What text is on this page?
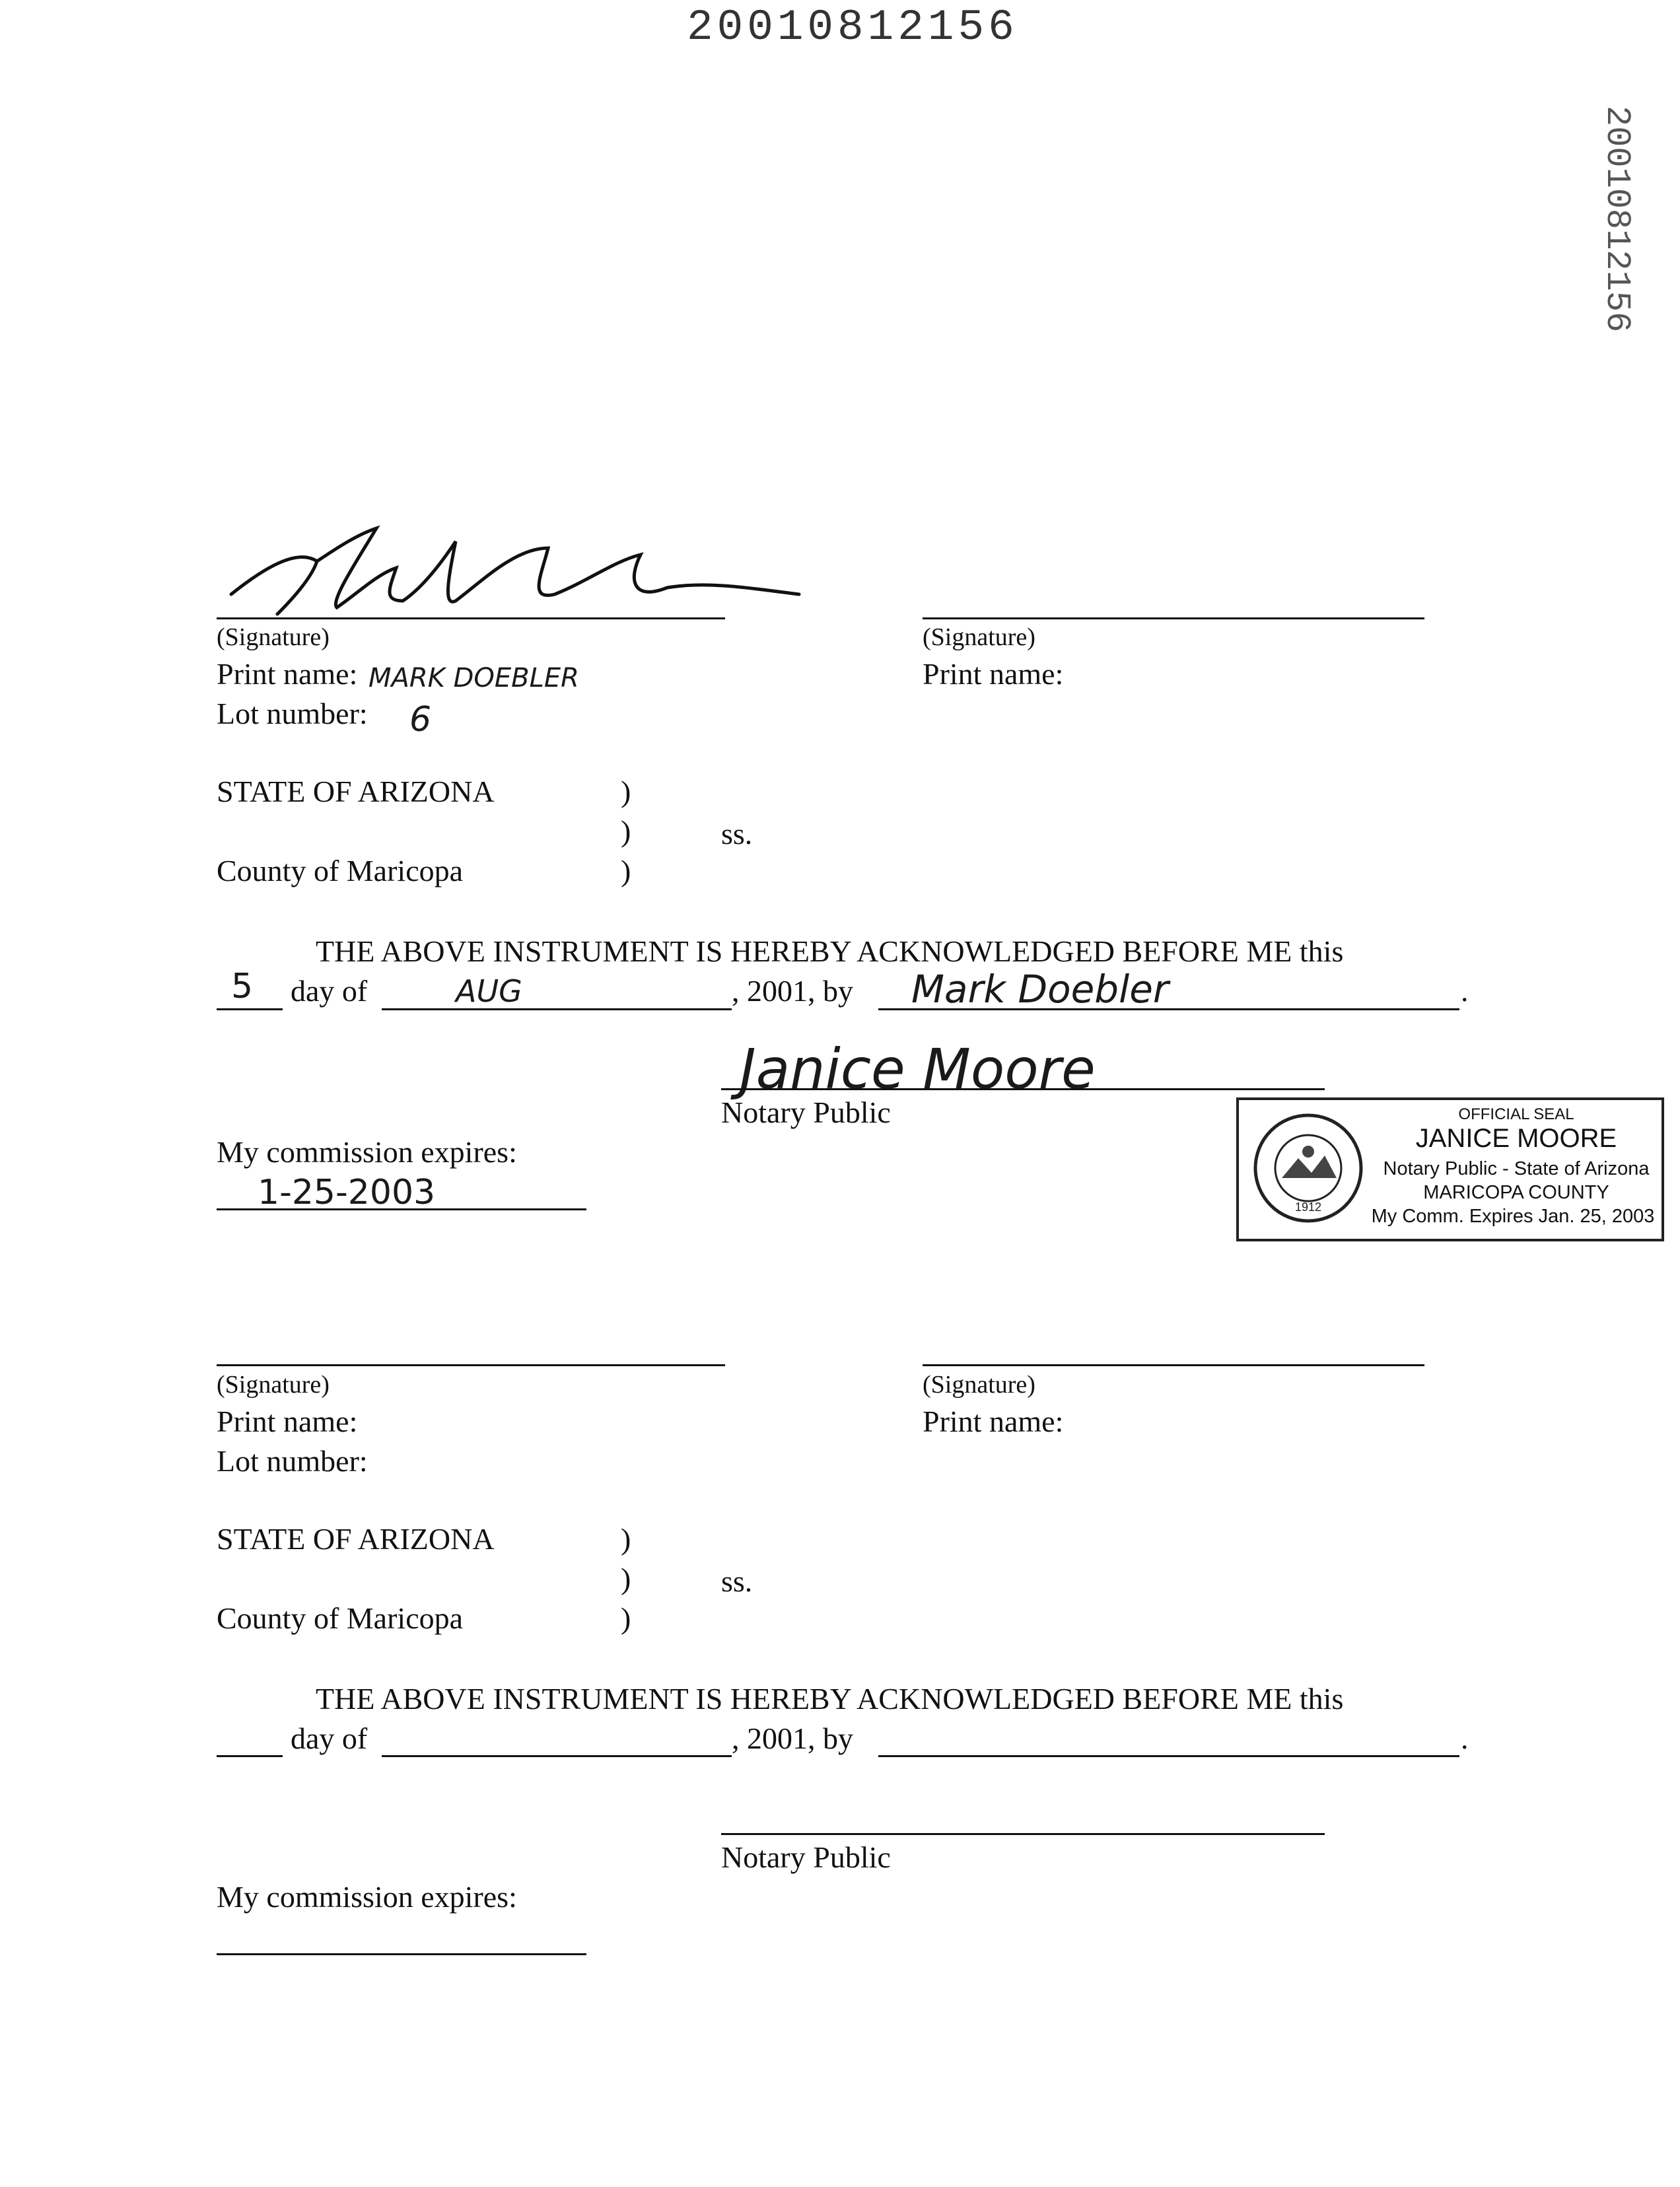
20010812156
20010812156
(Signature)	(Signature)
Print name: MARK DOEBLER	Print name:
Lot number: 6
STATE OF ARIZONA	)
)	ss.
County of Maricopa	)
THE ABOVE INSTRUMENT IS HEREBY ACKNOWLEDGED BEFORE ME this
5 day of	AUG	, 2001, by Mark Doebler	.
Janice Moore
Notary Public
My commission expires:
1-25-2003	1912
OFFICIAL SEAL
JANICE MOORE
Notary Public - State of Arizona
MARICOPA COUNTY
My Comm. Expires Jan. 25, 2003
(Signature)	(Signature)
Print name:	Print name:
Lot number:
STATE OF ARIZONA	)
)	ss.
County of Maricopa	)
THE ABOVE INSTRUMENT IS HEREBY ACKNOWLEDGED BEFORE ME this
day of	, 2001, by	.
Notary Public
My commission expires:
